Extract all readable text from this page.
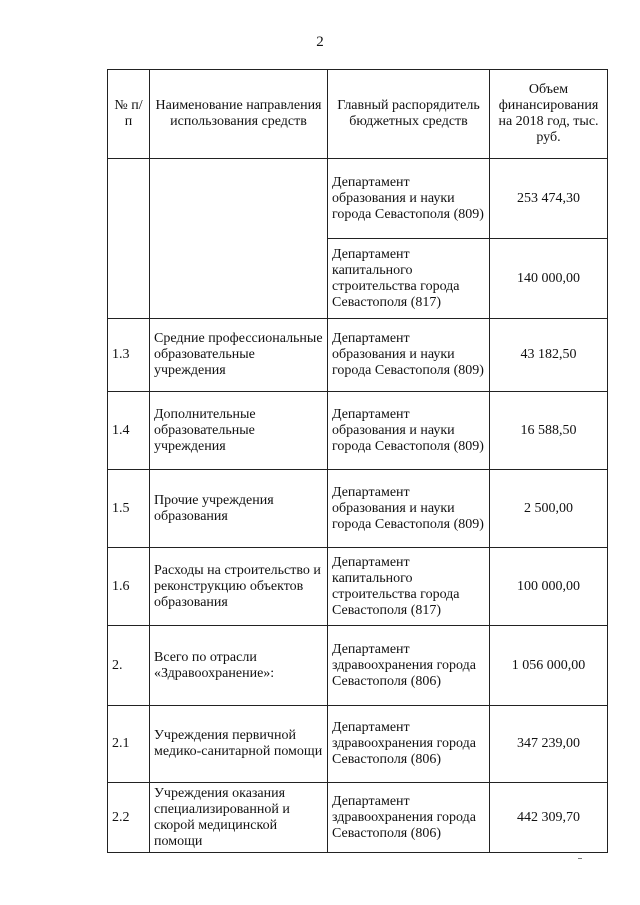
2
№ п/п	Наименование направления использования средств	Главный распорядитель бюджетных средств	Объем финансирования на 2018 год, тыс. руб.
		Департамент образования и науки города Севастополя (809)	253 474,30
		Департамент капитального строительства города Севастополя (817)	140 000,00
1.3	Средние профессиональные образовательные учреждения	Департамент образования и науки города Севастополя (809)	43 182,50
1.4	Дополнительные образовательные учреждения	Департамент образования и науки города Севастополя (809)	16 588,50
1.5	Прочие учреждения образования	Департамент образования и науки города Севастополя (809)	2 500,00
1.6	Расходы на строительство и реконструкцию объектов образования	Департамент капитального строительства города Севастополя (817)	100 000,00
2.	Всего по отрасли «Здравоохранение»:	Департамент здравоохранения города Севастополя (806)	1 056 000,00
2.1	Учреждения первичной медико-санитарной помощи	Департамент здравоохранения города Севастополя (806)	347 239,00
2.2	Учреждения оказания специализированной и скорой медицинской помощи	Департамент здравоохранения города Севастополя (806)	442 309,70
